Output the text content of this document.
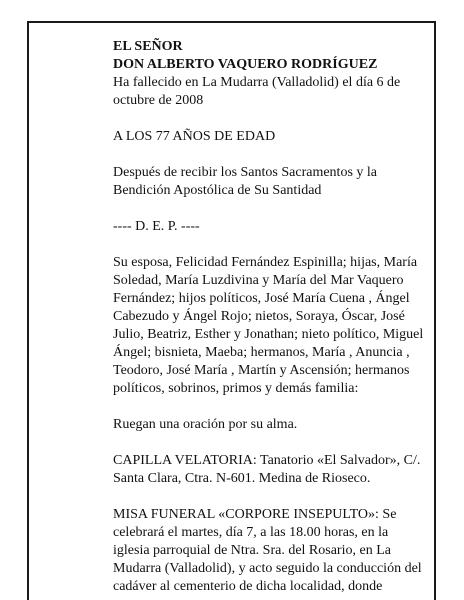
EL SEÑOR
DON ALBERTO VAQUERO RODRÍGUEZ
Ha fallecido en La Mudarra (Valladolid) el día 6 de
octubre de 2008
A LOS 77 AÑOS DE EDAD
Después de recibir los Santos Sacramentos y la
Bendición Apostólica de Su Santidad
---- D. E. P. ----
Su esposa, Felicidad Fernández Espinilla; hijas, María
Soledad, María Luzdivina y María del Mar Vaquero
Fernández; hijos políticos, José María Cuena , Ángel
Cabezudo y Ángel Rojo; nietos, Soraya, Óscar, José
Julio, Beatriz, Esther y Jonathan; nieto político, Miguel
Ángel; bisnieta, Maeba; hermanos, María , Anuncia ,
Teodoro, José María , Martín y Ascensión; hermanos
políticos, sobrinos, primos y demás familia:
Ruegan una oración por su alma.
CAPILLA VELATORIA: Tanatorio «El Salvador», C/.
Santa Clara, Ctra. N-601. Medina de Rioseco.
MISA FUNERAL «CORPORE INSEPULTO»: Se
celebrará el martes, día 7, a las 18.00 horas, en la
iglesia parroquial de Ntra. Sra. del Rosario, en La
Mudarra (Valladolid), y acto seguido la conducción del
cadáver al cementerio de dicha localidad, donde
